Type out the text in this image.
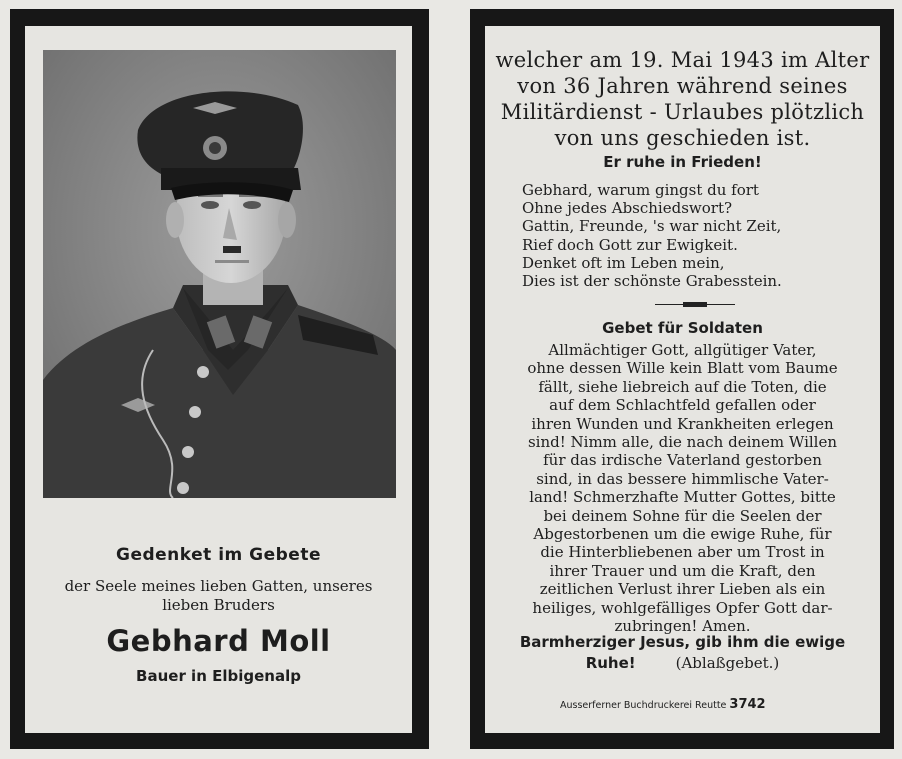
Gedenket im Gebete
der Seele meines lieben Gatten, unseres
lieben Bruders
Gebhard Moll
Bauer in Elbigenalp
welcher am 19. Mai 1943 im Alter
von 36 Jahren während seines
Militärdienst - Urlaubes plötzlich
von uns geschieden ist.
Er ruhe in Frieden!
Gebhard, warum gingst du fort
Ohne jedes Abschiedswort?
Gattin, Freunde, 's war nicht Zeit,
Rief doch Gott zur Ewigkeit.
Denket oft im Leben mein,
Dies ist der schönste Grabesstein.
Gebet für Soldaten
Allmächtiger Gott, allgütiger Vater,
ohne dessen Wille kein Blatt vom Baume
fällt, siehe liebreich auf die Toten, die
auf dem Schlachtfeld gefallen oder
ihren Wunden und Krankheiten erlegen
sind! Nimm alle, die nach deinem Willen
für das irdische Vaterland gestorben
sind, in das bessere himmlische Vater-
land! Schmerzhafte Mutter Gottes, bitte
bei deinem Sohne für die Seelen der
Abgestorbenen um die ewige Ruhe, für
die Hinterbliebenen aber um Trost in
ihrer Trauer und um die Kraft, den
zeitlichen Verlust ihrer Lieben als ein
heiliges, wohlgefälliges Opfer Gott dar-
zubringen! Amen.
Barmherziger Jesus, gib ihm die ewige
Ruhe!	(Ablaßgebet.)
Ausserferner Buchdruckerei Reutte 3742
